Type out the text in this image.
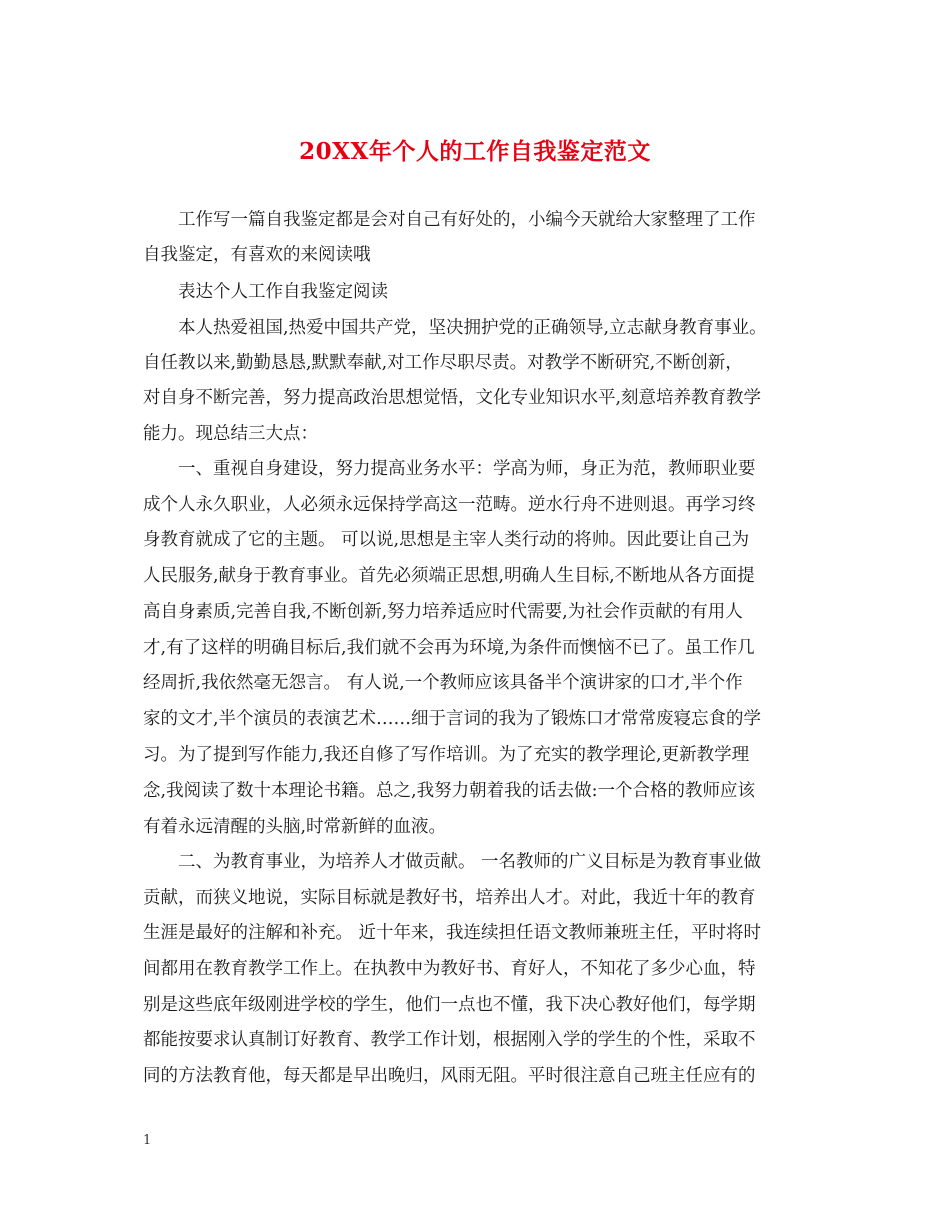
20XX年个人的工作自我鉴定范文
工作写一篇自我鉴定都是会对自己有好处的，小编今天就给大家整理了工作
自我鉴定，有喜欢的来阅读哦
表达个人工作自我鉴定阅读
本人热爱祖国,热爱中国共产党，坚决拥护党的正确领导,立志献身教育事业。
自任教以来,勤勤恳恳,默默奉献,对工作尽职尽责。对教学不断研究,不断创新，
对自身不断完善，努力提高政治思想觉悟，文化专业知识水平,刻意培养教育教学
能力。现总结三大点：
一、重视自身建设，努力提高业务水平：学高为师，身正为范，教师职业要
成个人永久职业，人必须永远保持学高这一范畴。逆水行舟不进则退。再学习终
身教育就成了它的主题。 可以说,思想是主宰人类行动的将帅。因此要让自己为
人民服务,献身于教育事业。首先必须端正思想,明确人生目标,不断地从各方面提
高自身素质,完善自我,不断创新,努力培养适应时代需要,为社会作贡献的有用人
才,有了这样的明确目标后,我们就不会再为环境,为条件而懊恼不已了。虽工作几
经周折,我依然毫无怨言。 有人说,一个教师应该具备半个演讲家的口才,半个作
家的文才,半个演员的表演艺术……细于言词的我为了锻炼口才常常废寝忘食的学
习。为了提到写作能力,我还自修了写作培训。为了充实的教学理论,更新教学理
念,我阅读了数十本理论书籍。总之,我努力朝着我的话去做:一个合格的教师应该
有着永远清醒的头脑,时常新鲜的血液。
二、为教育事业，为培养人才做贡献。 一名教师的广义目标是为教育事业做
贡献，而狭义地说，实际目标就是教好书，培养出人才。对此，我近十年的教育
生涯是最好的注解和补充。 近十年来，我连续担任语文教师兼班主任，平时将时
间都用在教育教学工作上。在执教中为教好书、育好人，不知花了多少心血，特
别是这些底年级刚进学校的学生，他们一点也不懂，我下决心教好他们，每学期
都能按要求认真制订好教育、教学工作计划，根据刚入学的学生的个性，采取不
同的方法教育他，每天都是早出晚归，风雨无阻。平时很注意自己班主任应有的
1
